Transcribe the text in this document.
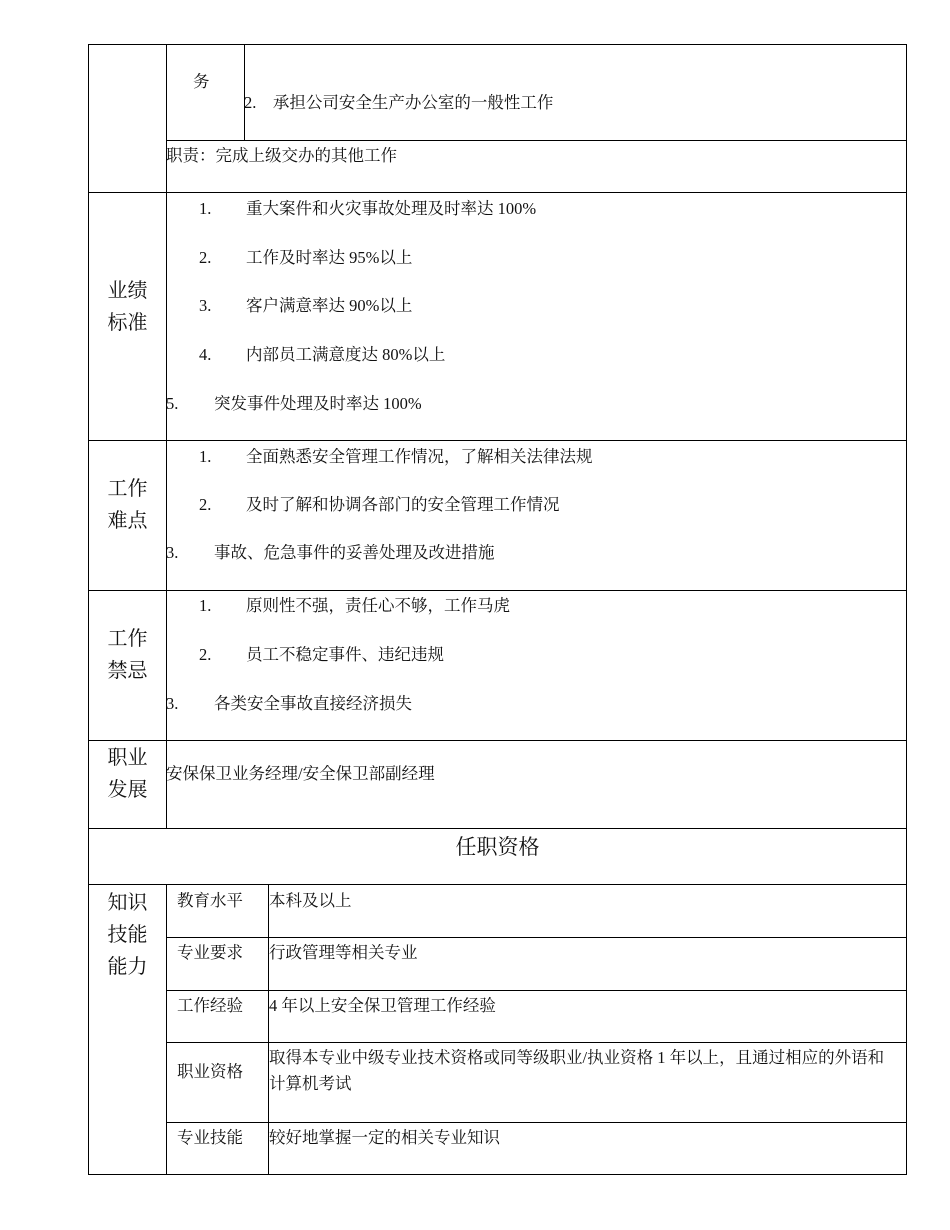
务
2.　承担公司安全生产办公室的一般性工作
职责：完成上级交办的其他工作
业绩
标准
1. 重大案件和火灾事故处理及时率达 100%
2. 工作及时率达 95%以上
3. 客户满意率达 90%以上
4. 内部员工满意度达 80%以上
5. 突发事件处理及时率达 100%
工作
难点
1. 全面熟悉安全管理工作情况，了解相关法律法规
2. 及时了解和协调各部门的安全管理工作情况
3. 事故、危急事件的妥善处理及改进措施
工作
禁忌
1. 原则性不强，责任心不够，工作马虎
2. 员工不稳定事件、违纪违规
3. 各类安全事故直接经济损失
职业
发展
安保保卫业务经理/安全保卫部副经理
任职资格
知识
技能
能力
教育水平 本科及以上
专业要求 行政管理等相关专业
工作经验 4 年以上安全保卫管理工作经验
职业资格
取得本专业中级专业技术资格或同等级职业/执业资格 1 年以上，且通过相应的外语和计算机考试
专业技能 较好地掌握一定的相关专业知识
